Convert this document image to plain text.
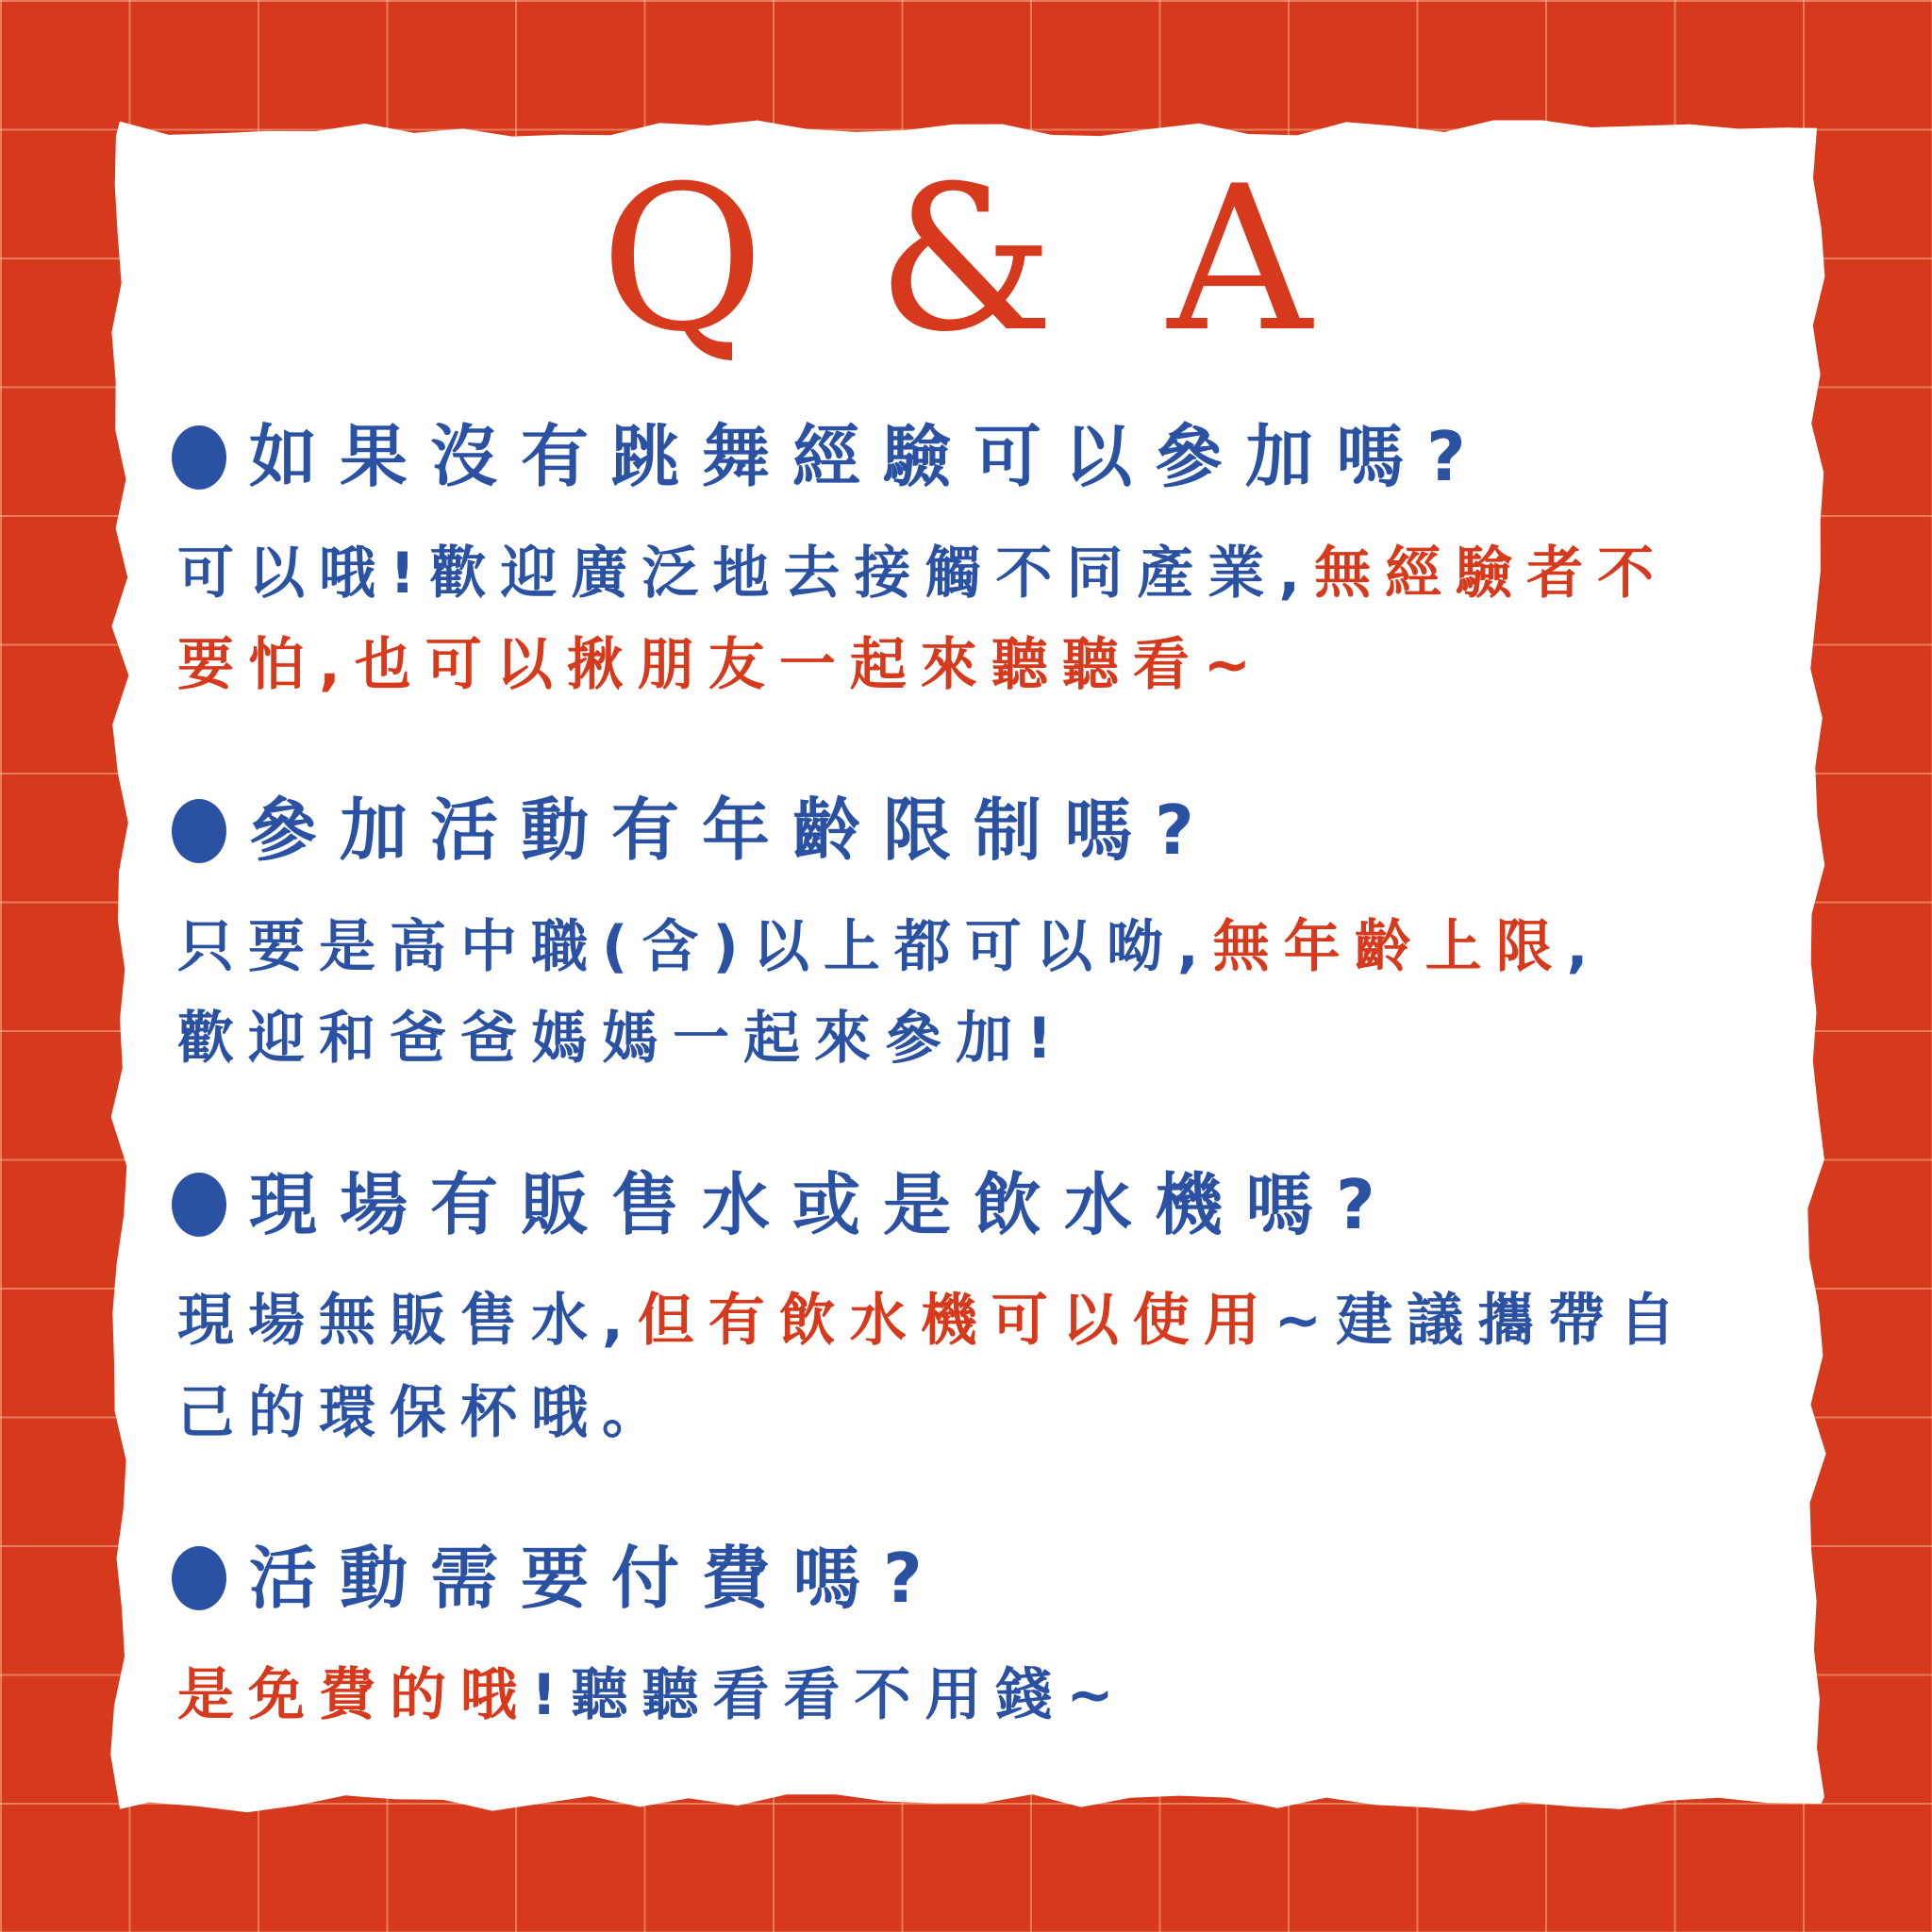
Q & A
如果沒有跳舞經驗可以參加嗎?
可以哦!歡迎廣泛地去接觸不同產業,無經驗者不
要怕,也可以揪朋友一起來聽聽看~
參加活動有年齡限制嗎?
只要是高中職(含)以上都可以呦,無年齡上限,
歡迎和爸爸媽媽一起來參加!
現場有販售水或是飲水機嗎?
現場無販售水,但有飲水機可以使用~建議攜帶自
己的環保杯哦。
活動需要付費嗎?
是免費的哦!聽聽看看不用錢~
